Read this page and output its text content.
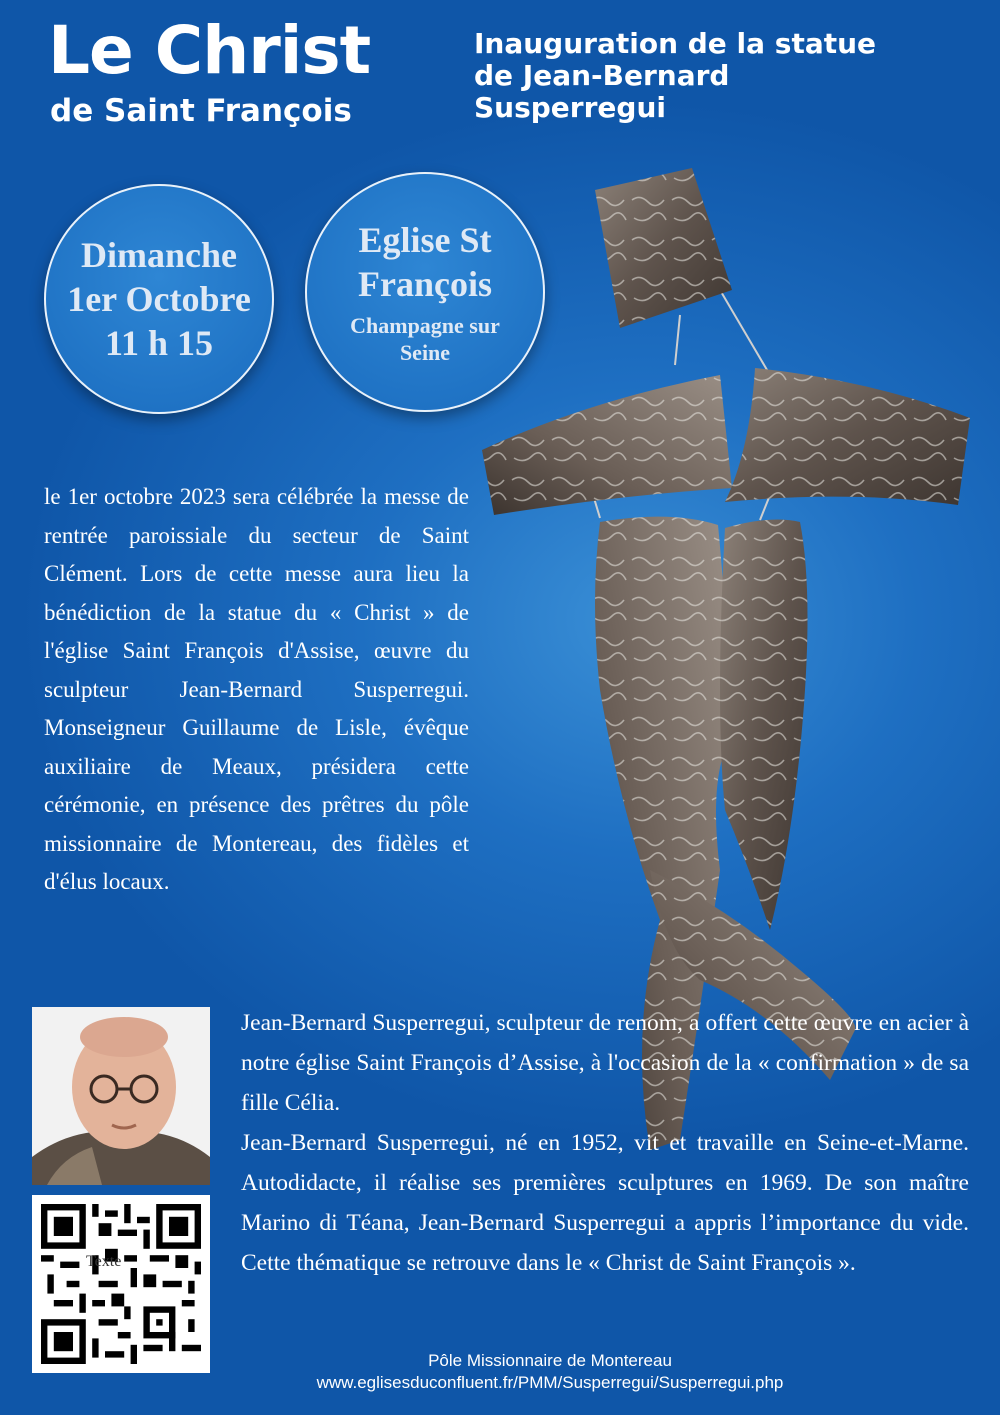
Le Christ
de Saint François
Inauguration de la statue
de Jean-Bernard
Susperregui
Dimanche
1er Octobre
11 h 15
Eglise St
François
Champagne sur
Seine

le 1er octobre 2023 sera célébrée la messe de rentrée paroissiale du secteur de Saint Clément. Lors de cette messe aura lieu la bénédiction de la statue du « Christ » de l'église Saint François d'Assise, œuvre du sculpteur Jean-Bernard Susperregui. Monseigneur Guillaume de Lisle, évêque auxiliaire de Meaux, présidera cette cérémonie, en présence des prêtres du pôle missionnaire de Montereau, des fidèles et d'élus locaux.

Texte

Jean-Bernard Susperregui, sculpteur de renom, a offert cette œuvre en acier à notre église Saint François d’Assise, à l'occasion de la « confirmation » de sa fille Célia.

Jean-Bernard Susperregui, né en 1952, vit et travaille en Seine-et-Marne. Autodidacte, il réalise ses premières sculptures en 1969. De son maître Marino di Téana, Jean-Bernard Susperregui a appris l’importance du vide. Cette thématique se retrouve dans le « Christ de Saint François ».

Pôle Missionnaire de Montereau
www.eglisesduconfluent.fr/PMM/Susperregui/Susperregui.php
